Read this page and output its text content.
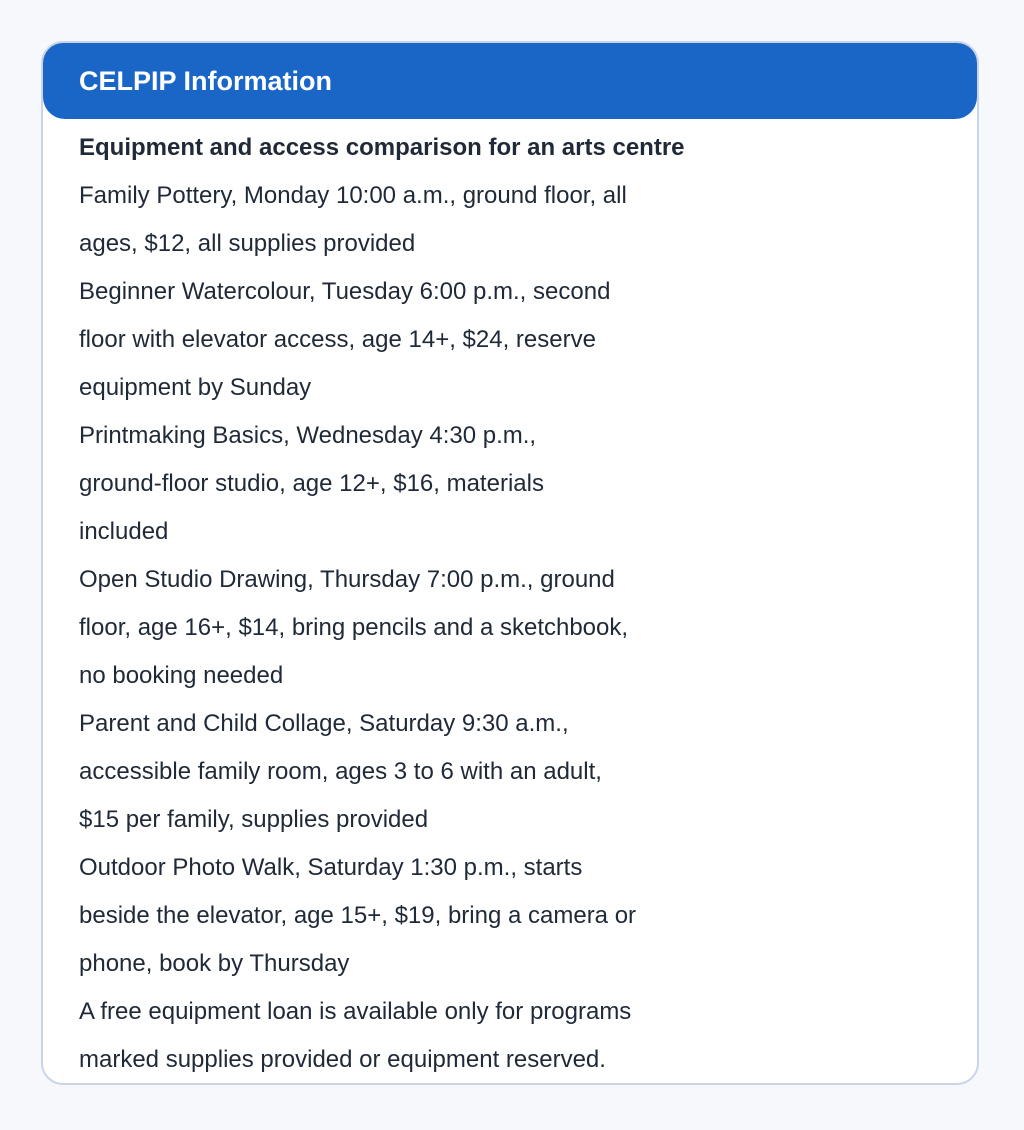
CELPIP Information
Equipment and access comparison for an arts centre
Family Pottery, Monday 10:00 a.m., ground floor, all
ages, $12, all supplies provided
Beginner Watercolour, Tuesday 6:00 p.m., second
floor with elevator access, age 14+, $24, reserve
equipment by Sunday
Printmaking Basics, Wednesday 4:30 p.m.,
ground-floor studio, age 12+, $16, materials
included
Open Studio Drawing, Thursday 7:00 p.m., ground
floor, age 16+, $14, bring pencils and a sketchbook,
no booking needed
Parent and Child Collage, Saturday 9:30 a.m.,
accessible family room, ages 3 to 6 with an adult,
$15 per family, supplies provided
Outdoor Photo Walk, Saturday 1:30 p.m., starts
beside the elevator, age 15+, $19, bring a camera or
phone, book by Thursday
A free equipment loan is available only for programs
marked supplies provided or equipment reserved.
